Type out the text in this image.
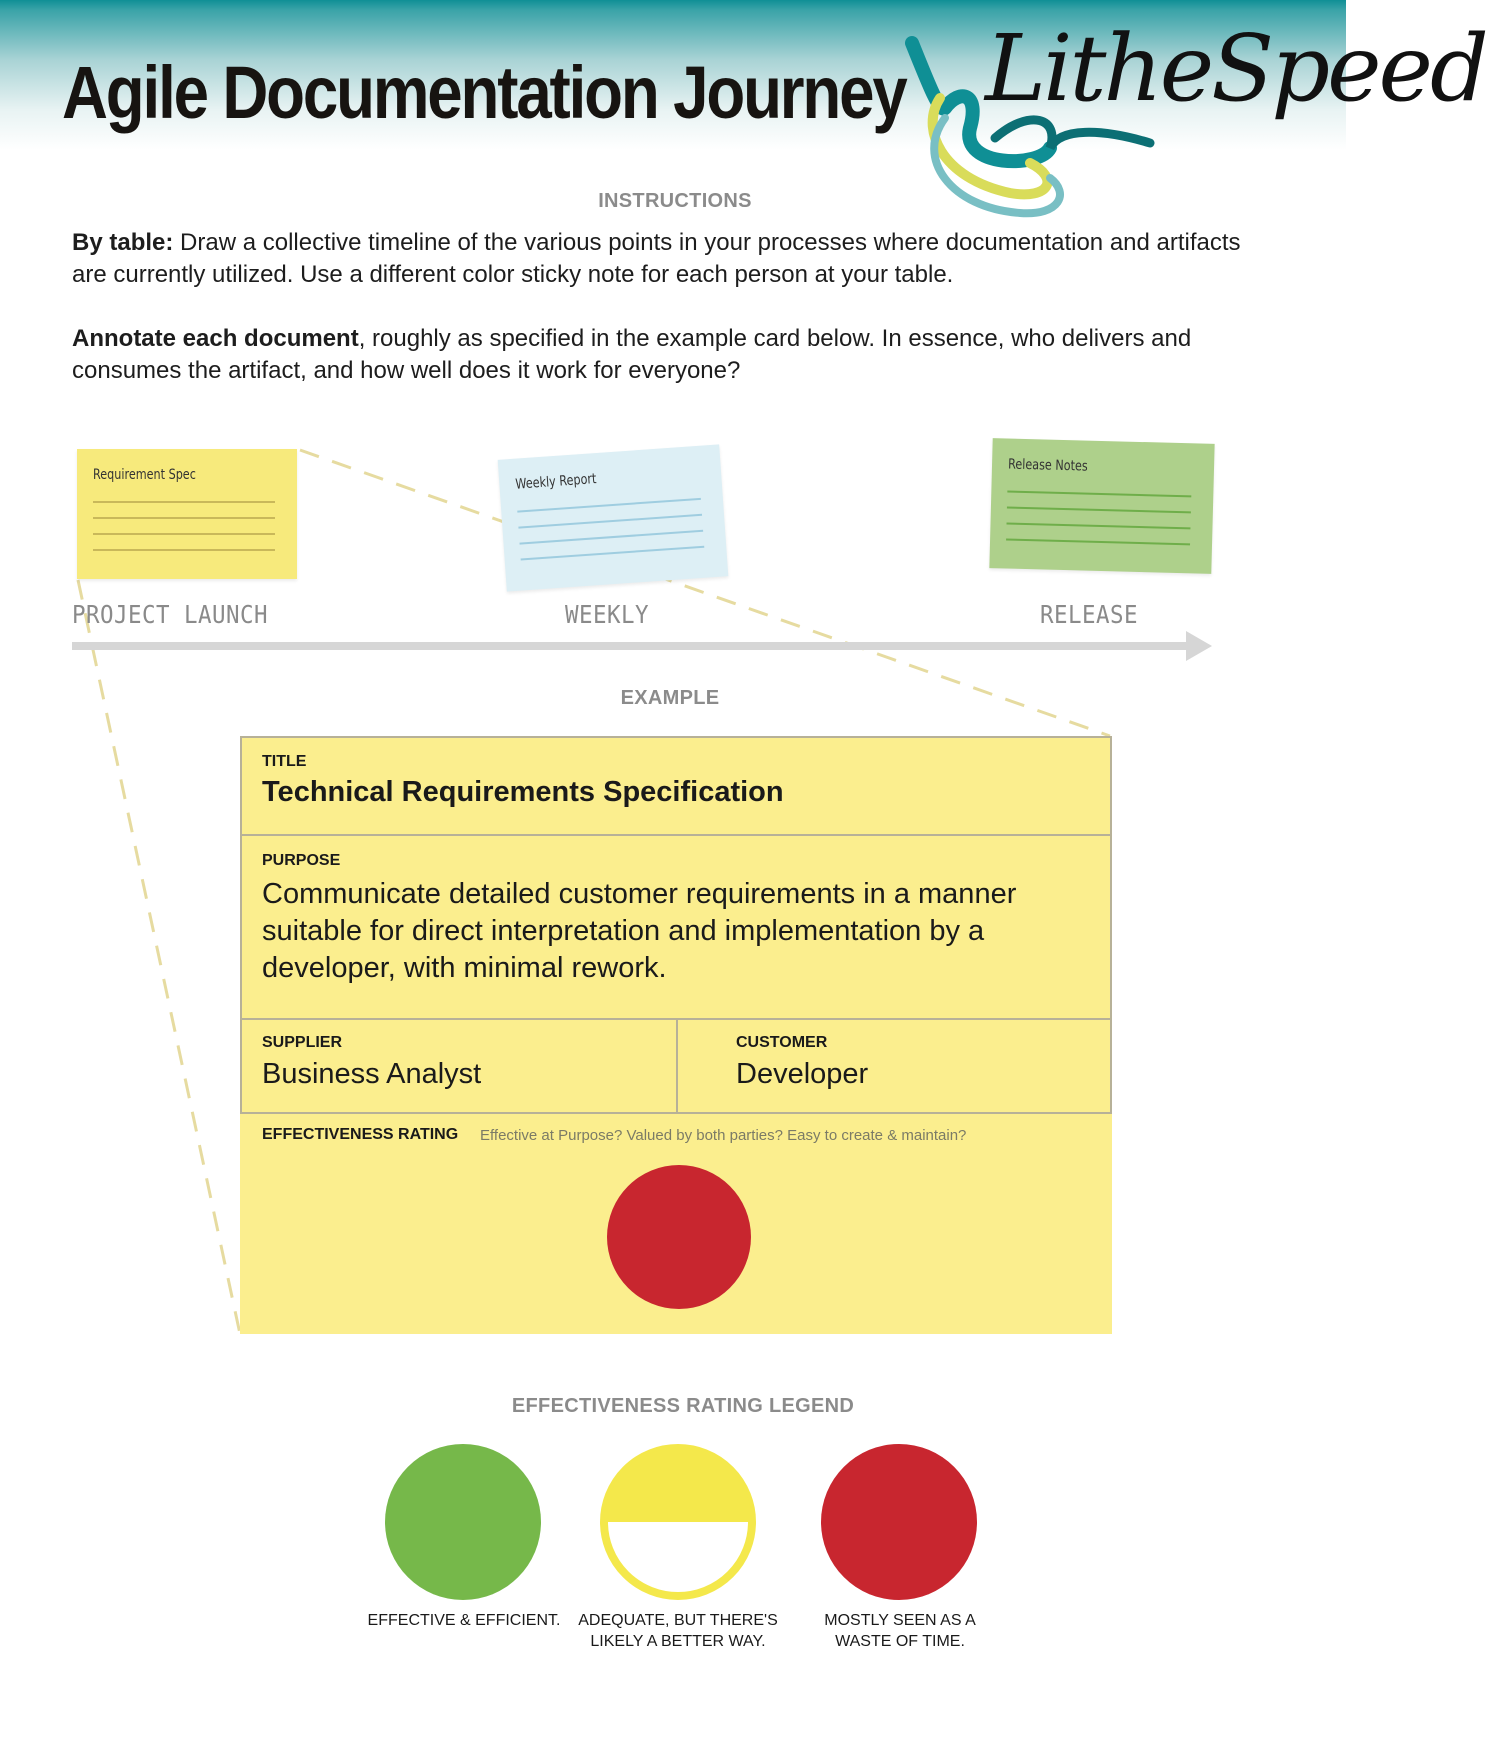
Agile Documentation Journey LitheSpeed
INSTRUCTIONS

By table: Draw a collective timeline of the various points in your processes where documentation and artifacts are currently utilized. Use a different color sticky note for each person at your table.

Annotate each document, roughly as specified in the example card below. In essence, who delivers and consumes the artifact, and how well does it work for everyone?

Requirement Spec	Weekly Report
Release Notes
PROJECT LAUNCH	WEEKLY	RELEASE
EXAMPLE
TITLE
Technical Requirements Specification
PURPOSE
Communicate detailed customer requirements in a manner suitable for direct interpretation and implementation by a developer, with minimal rework.
SUPPLIER
Business Analyst
CUSTOMER
Developer
EFFECTIVENESS RATING Effective at Purpose? Valued by both parties? Easy to create & maintain?
EFFECTIVENESS RATING LEGEND
EFFECTIVE & EFFICIENT.	ADEQUATE, BUT THERE'S
LIKELY A BETTER WAY.
MOSTLY SEEN AS A
WASTE OF TIME.
